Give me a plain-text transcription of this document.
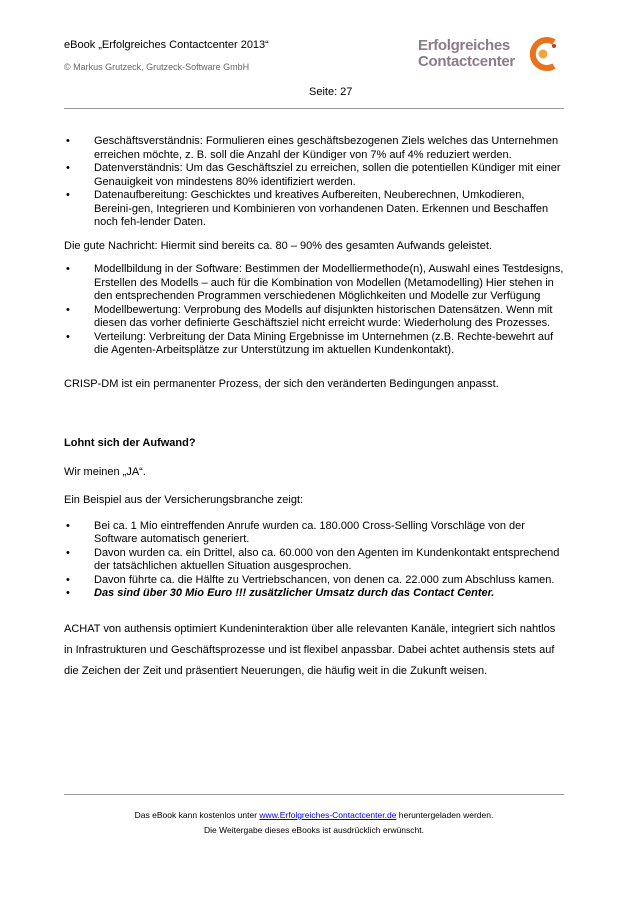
eBook „Erfolgreiches Contactcenter 2013“
© Markus Grutzeck, Grutzeck-Software GmbH
Erfolgreiches
Contactcenter
Seite: 27
• Geschäftsverständnis: Formulieren eines geschäftsbezogenen Ziels welches das Unternehmen erreichen möchte, z. B. soll die Anzahl der Kündiger von 7% auf 4% reduziert werden.
• Datenverständnis: Um das Geschäftsziel zu erreichen, sollen die potentiellen Kündiger mit einer Genauigkeit von mindestens 80% identifiziert werden.
• Datenaufbereitung: Geschicktes und kreatives Aufbereiten, Neuberechnen, Umkodieren, Bereini-gen, Integrieren und Kombinieren von vorhandenen Daten. Erkennen und Beschaffen noch feh-lender Daten.

Die gute Nachricht: Hiermit sind bereits ca. 80 – 90% des gesamten Aufwands geleistet.

• Modellbildung in der Software: Bestimmen der Modelliermethode(n), Auswahl eines Testdesigns, Erstellen des Modells – auch für die Kombination von Modellen (Metamodelling) Hier stehen in den entsprechenden Programmen verschiedenen Möglichkeiten und Modelle zur Verfügung
• Modellbewertung: Verprobung des Modells auf disjunkten historischen Datensätzen. Wenn mit diesen das vorher definierte Geschäftsziel nicht erreicht wurde: Wiederholung des Prozesses.
• Verteilung: Verbreitung der Data Mining Ergebnisse im Unternehmen (z.B. Rechte-bewehrt auf die Agenten-Arbeitsplätze zur Unterstützung im aktuellen Kundenkontakt).

CRISP-DM ist ein permanenter Prozess, der sich den veränderten Bedingungen anpasst.

Lohnt sich der Aufwand?

Wir meinen „JA“.

Ein Beispiel aus der Versicherungsbranche zeigt:

• Bei ca. 1 Mio eintreffenden Anrufe wurden ca. 180.000 Cross-Selling Vorschläge von der Software automatisch generiert.
• Davon wurden ca. ein Drittel, also ca. 60.000 von den Agenten im Kundenkontakt entsprechend der tatsächlichen aktuellen Situation ausgesprochen.
• Davon führte ca. die Hälfte zu Vertriebschancen, von denen ca. 22.000 zum Abschluss kamen.
• Das sind über 30 Mio Euro !!! zusätzlicher Umsatz durch das Contact Center.

ACHAT von authensis optimiert Kundeninteraktion über alle relevanten Kanäle, integriert sich nahtlos in Infrastrukturen und Geschäftsprozesse und ist flexibel anpassbar. Dabei achtet authensis stets auf die Zeichen der Zeit und präsentiert Neuerungen, die häufig weit in die Zukunft weisen.

Das eBook kann kostenlos unter www.Erfolgreiches-Contactcenter.de heruntergeladen werden.
Die Weitergabe dieses eBooks ist ausdrücklich erwünscht.
